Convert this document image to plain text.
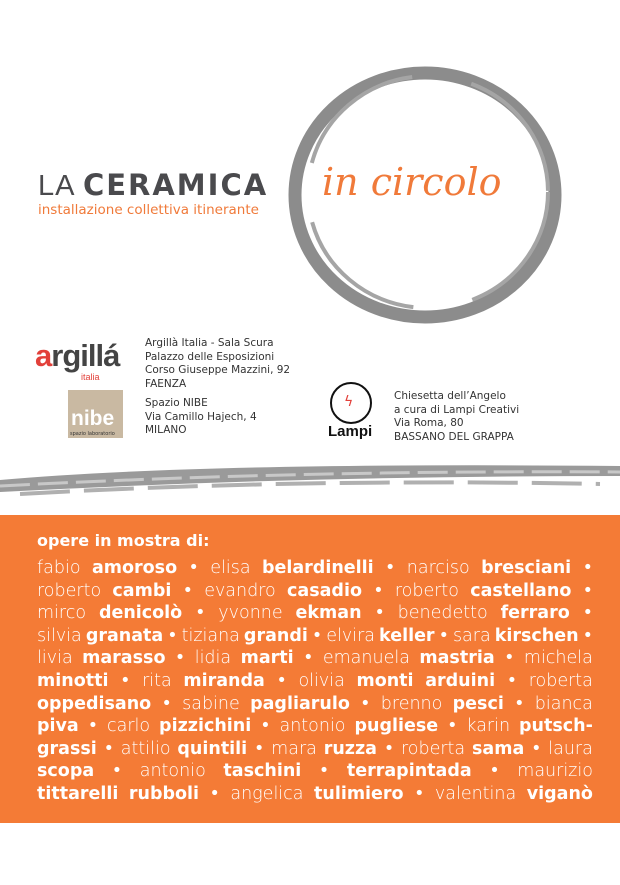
LA CERAMICA
installazione collettiva itinerante
in circolo
argillá
italia
Argillà Italia - Sala Scura
Palazzo delle Esposizioni
Corso Giuseppe Mazzini, 92
FAENZA
nibe
spazio laboratorio
Spazio NIBE
Via Camillo Hajech, 4
MILANO
ϟ
Lampi
Chiesetta dell’Angelo
a cura di Lampi Creativi
Via Roma, 80
BASSANO DEL GRAPPA
opere in mostra di:
fabio amoroso • elisa belardinelli • narciso bresciani •
roberto cambi • evandro casadio • roberto castellano •
mirco denicolò • yvonne ekman • benedetto ferraro •
silvia granata • tiziana grandi • elvira keller • sara kirschen •
livia marasso • lidia marti • emanuela mastria • michela
minotti • rita miranda • olivia monti arduini • roberta
oppedisano • sabine pagliarulo • brenno pesci • bianca
piva • carlo pizzichini • antonio pugliese • karin putsch-
grassi • attilio quintili • mara ruzza • roberta sama • laura
scopa • antonio taschini • terrapintada • maurizio
tittarelli rubboli • angelica tulimiero • valentina viganò
